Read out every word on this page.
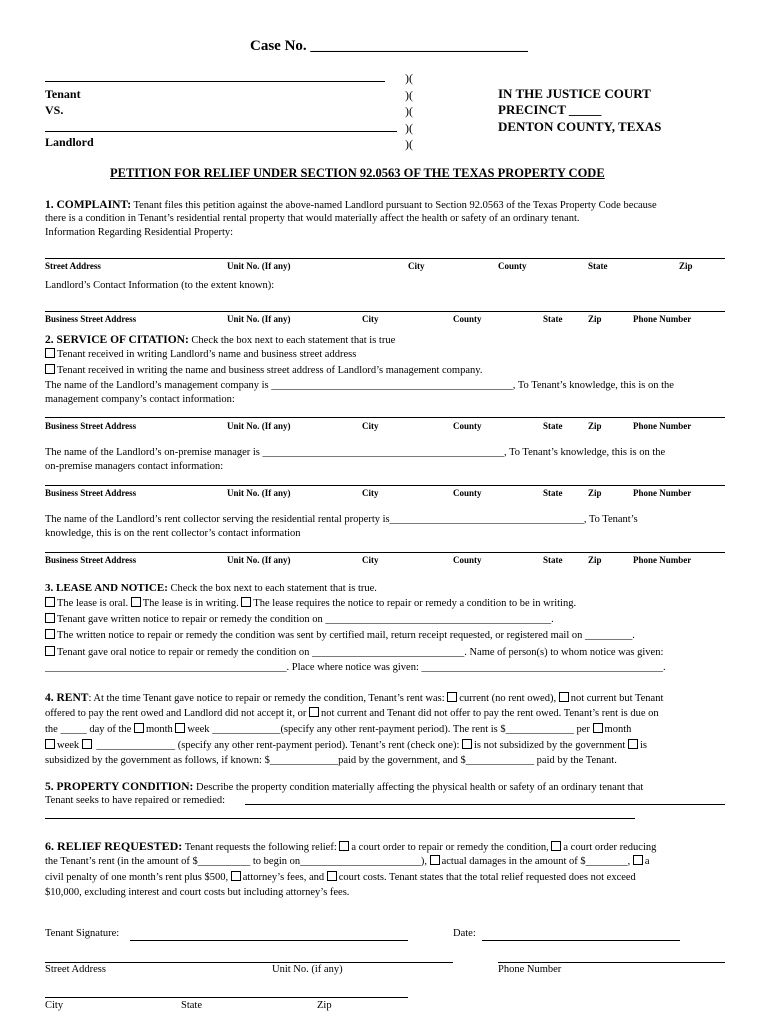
Case No. _____________________________
Tenant
VS.
Landlord
)(
)(
)(
)(
)(
IN THE JUSTICE COURT
PRECINCT _____
DENTON COUNTY, TEXAS
PETITION FOR RELIEF UNDER SECTION 92.0563 OF THE TEXAS PROPERTY CODE
1. COMPLAINT: Tenant files this petition against the above-named Landlord pursuant to Section 92.0563 of the Texas Property Code because
there is a condition in Tenant’s residential rental property that would materially affect the health or safety of an ordinary tenant.
Information Regarding Residential Property:
Street Address	Unit No. (If any)	City	County	State	Zip
Landlord’s Contact Information (to the extent known):
Business Street Address	Unit No. (If any)	City	County	State	Zip	Phone Number
2. SERVICE OF CITATION: Check the box next to each statement that is true
Tenant received in writing Landlord’s name and business street address
Tenant received in writing the name and business street address of Landlord’s management company.
The name of the Landlord’s management company is ______________________________________________, To Tenant’s knowledge, this is on the
management company’s contact information:
Business Street Address	Unit No. (If any)	City	County	State	Zip	Phone Number
The name of the Landlord’s on-premise manager is ______________________________________________, To Tenant’s knowledge, this is on the
on-premise managers contact information:
Business Street Address	Unit No. (If any)	City	County	State	Zip	Phone Number
The name of the Landlord’s rent collector serving the residential rental property is_____________________________________, To Tenant’s
knowledge, this is on the rent collector’s contact information
Business Street Address	Unit No. (If any)	City	County	State	Zip	Phone Number
3. LEASE AND NOTICE: Check the box next to each statement that is true.
The lease is oral. The lease is in writing. The lease requires the notice to repair or remedy a condition to be in writing.
Tenant gave written notice to repair or remedy the condition on ___________________________________________.
The written notice to repair or remedy the condition was sent by certified mail, return receipt requested, or registered mail on _________.
Tenant gave oral notice to repair or remedy the condition on _____________________________. Name of person(s) to whom notice was given:
______________________________________________. Place where notice was given: ______________________________________________.
4. RENT: At the time Tenant gave notice to repair or remedy the condition, Tenant’s rent was: current (no rent owed), not current but Tenant
offered to pay the rent owed and Landlord did not accept it, or not current and Tenant did not offer to pay the rent owed. Tenant’s rent is due on
the _____ day of the month week _____________(specify any other rent-payment period). The rent is $_____________ per month
week _______________ (specify any other rent-payment period). Tenant’s rent (check one): is not subsidized by the government is
subsidized by the government as follows, if known: $_____________paid by the government, and $_____________ paid by the Tenant.
5. PROPERTY CONDITION: Describe the property condition materially affecting the physical health or safety of an ordinary tenant that
Tenant seeks to have repaired or remedied:
6. RELIEF REQUESTED: Tenant requests the following relief: a court order to repair or remedy the condition, a court order reducing
the Tenant’s rent (in the amount of $__________ to begin on_______________________), actual damages in the amount of $________, a
civil penalty of one month’s rent plus $500, attorney’s fees, and court costs. Tenant states that the total relief requested does not exceed
$10,000, excluding interest and court costs but including attorney’s fees.
Tenant Signature:	Date:
Street Address	Unit No. (if any)	Phone Number
City	State	Zip
